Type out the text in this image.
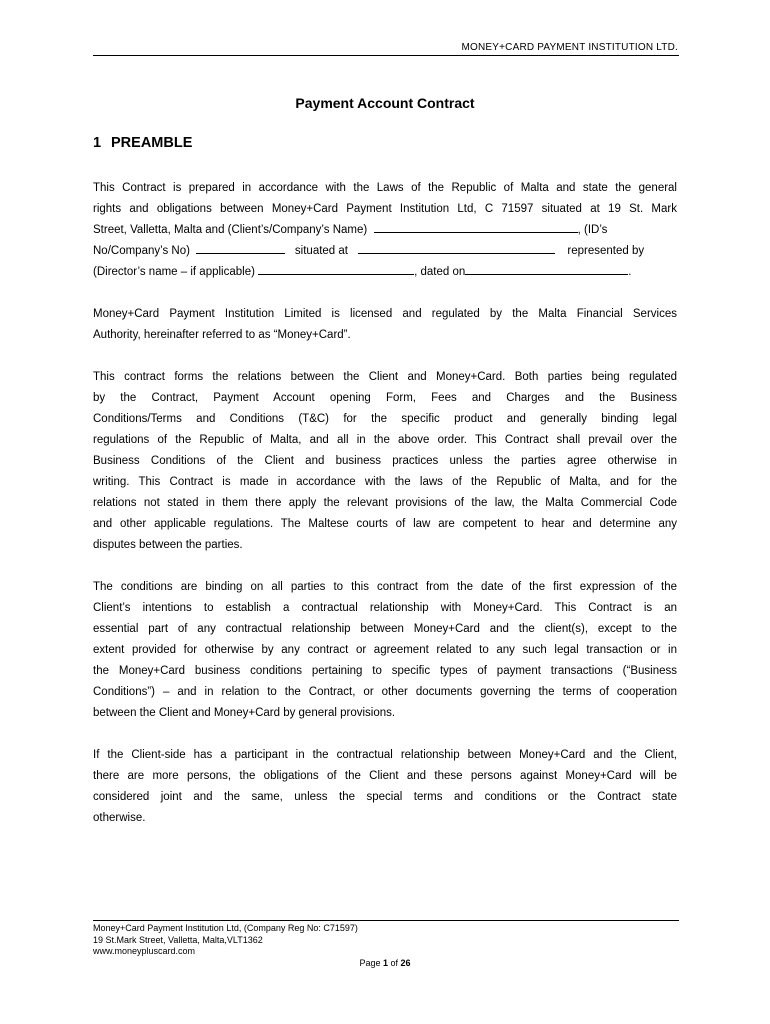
MONEY+CARD PAYMENT INSTITUTION LTD.
Payment Account Contract
1 PREAMBLE

This Contract is prepared in accordance with the Laws of the Republic of Malta and state the general
rights and obligations between Money+Card Payment Institution Ltd, C 71597 situated at 19 St. Mark
Street, Valletta, Malta and (Client’s/Company’s Name)	, (ID’s
No/Company’s No)	situated at	represented by
(Director’s name – if applicable)	, dated on	.

Money+Card Payment Institution Limited is licensed and regulated by the Malta Financial Services
Authority, hereinafter referred to as “Money+Card”.

This contract forms the relations between the Client and Money+Card. Both parties being regulated
by the Contract, Payment Account opening Form, Fees and Charges and the Business
Conditions/Terms and Conditions (T&C) for the specific product and generally binding legal
regulations of the Republic of Malta, and all in the above order. This Contract shall prevail over the
Business Conditions of the Client and business practices unless the parties agree otherwise in
writing. This Contract is made in accordance with the laws of the Republic of Malta, and for the
relations not stated in them there apply the relevant provisions of the law, the Malta Commercial Code
and other applicable regulations. The Maltese courts of law are competent to hear and determine any
disputes between the parties.

The conditions are binding on all parties to this contract from the date of the first expression of the
Client’s intentions to establish a contractual relationship with Money+Card. This Contract is an
essential part of any contractual relationship between Money+Card and the client(s), except to the
extent provided for otherwise by any contract or agreement related to any such legal transaction or in
the Money+Card business conditions pertaining to specific types of payment transactions (“Business
Conditions”) – and in relation to the Contract, or other documents governing the terms of cooperation
between the Client and Money+Card by general provisions.

If the Client-side has a participant in the contractual relationship between Money+Card and the Client,
there are more persons, the obligations of the Client and these persons against Money+Card will be
considered joint and the same, unless the special terms and conditions or the Contract state
otherwise.

Money+Card Payment Institution Ltd, (Company Reg No: C71597)
19 St.Mark Street, Valletta, Malta,VLT1362
www.moneypluscard.com
Page 1 of 26
